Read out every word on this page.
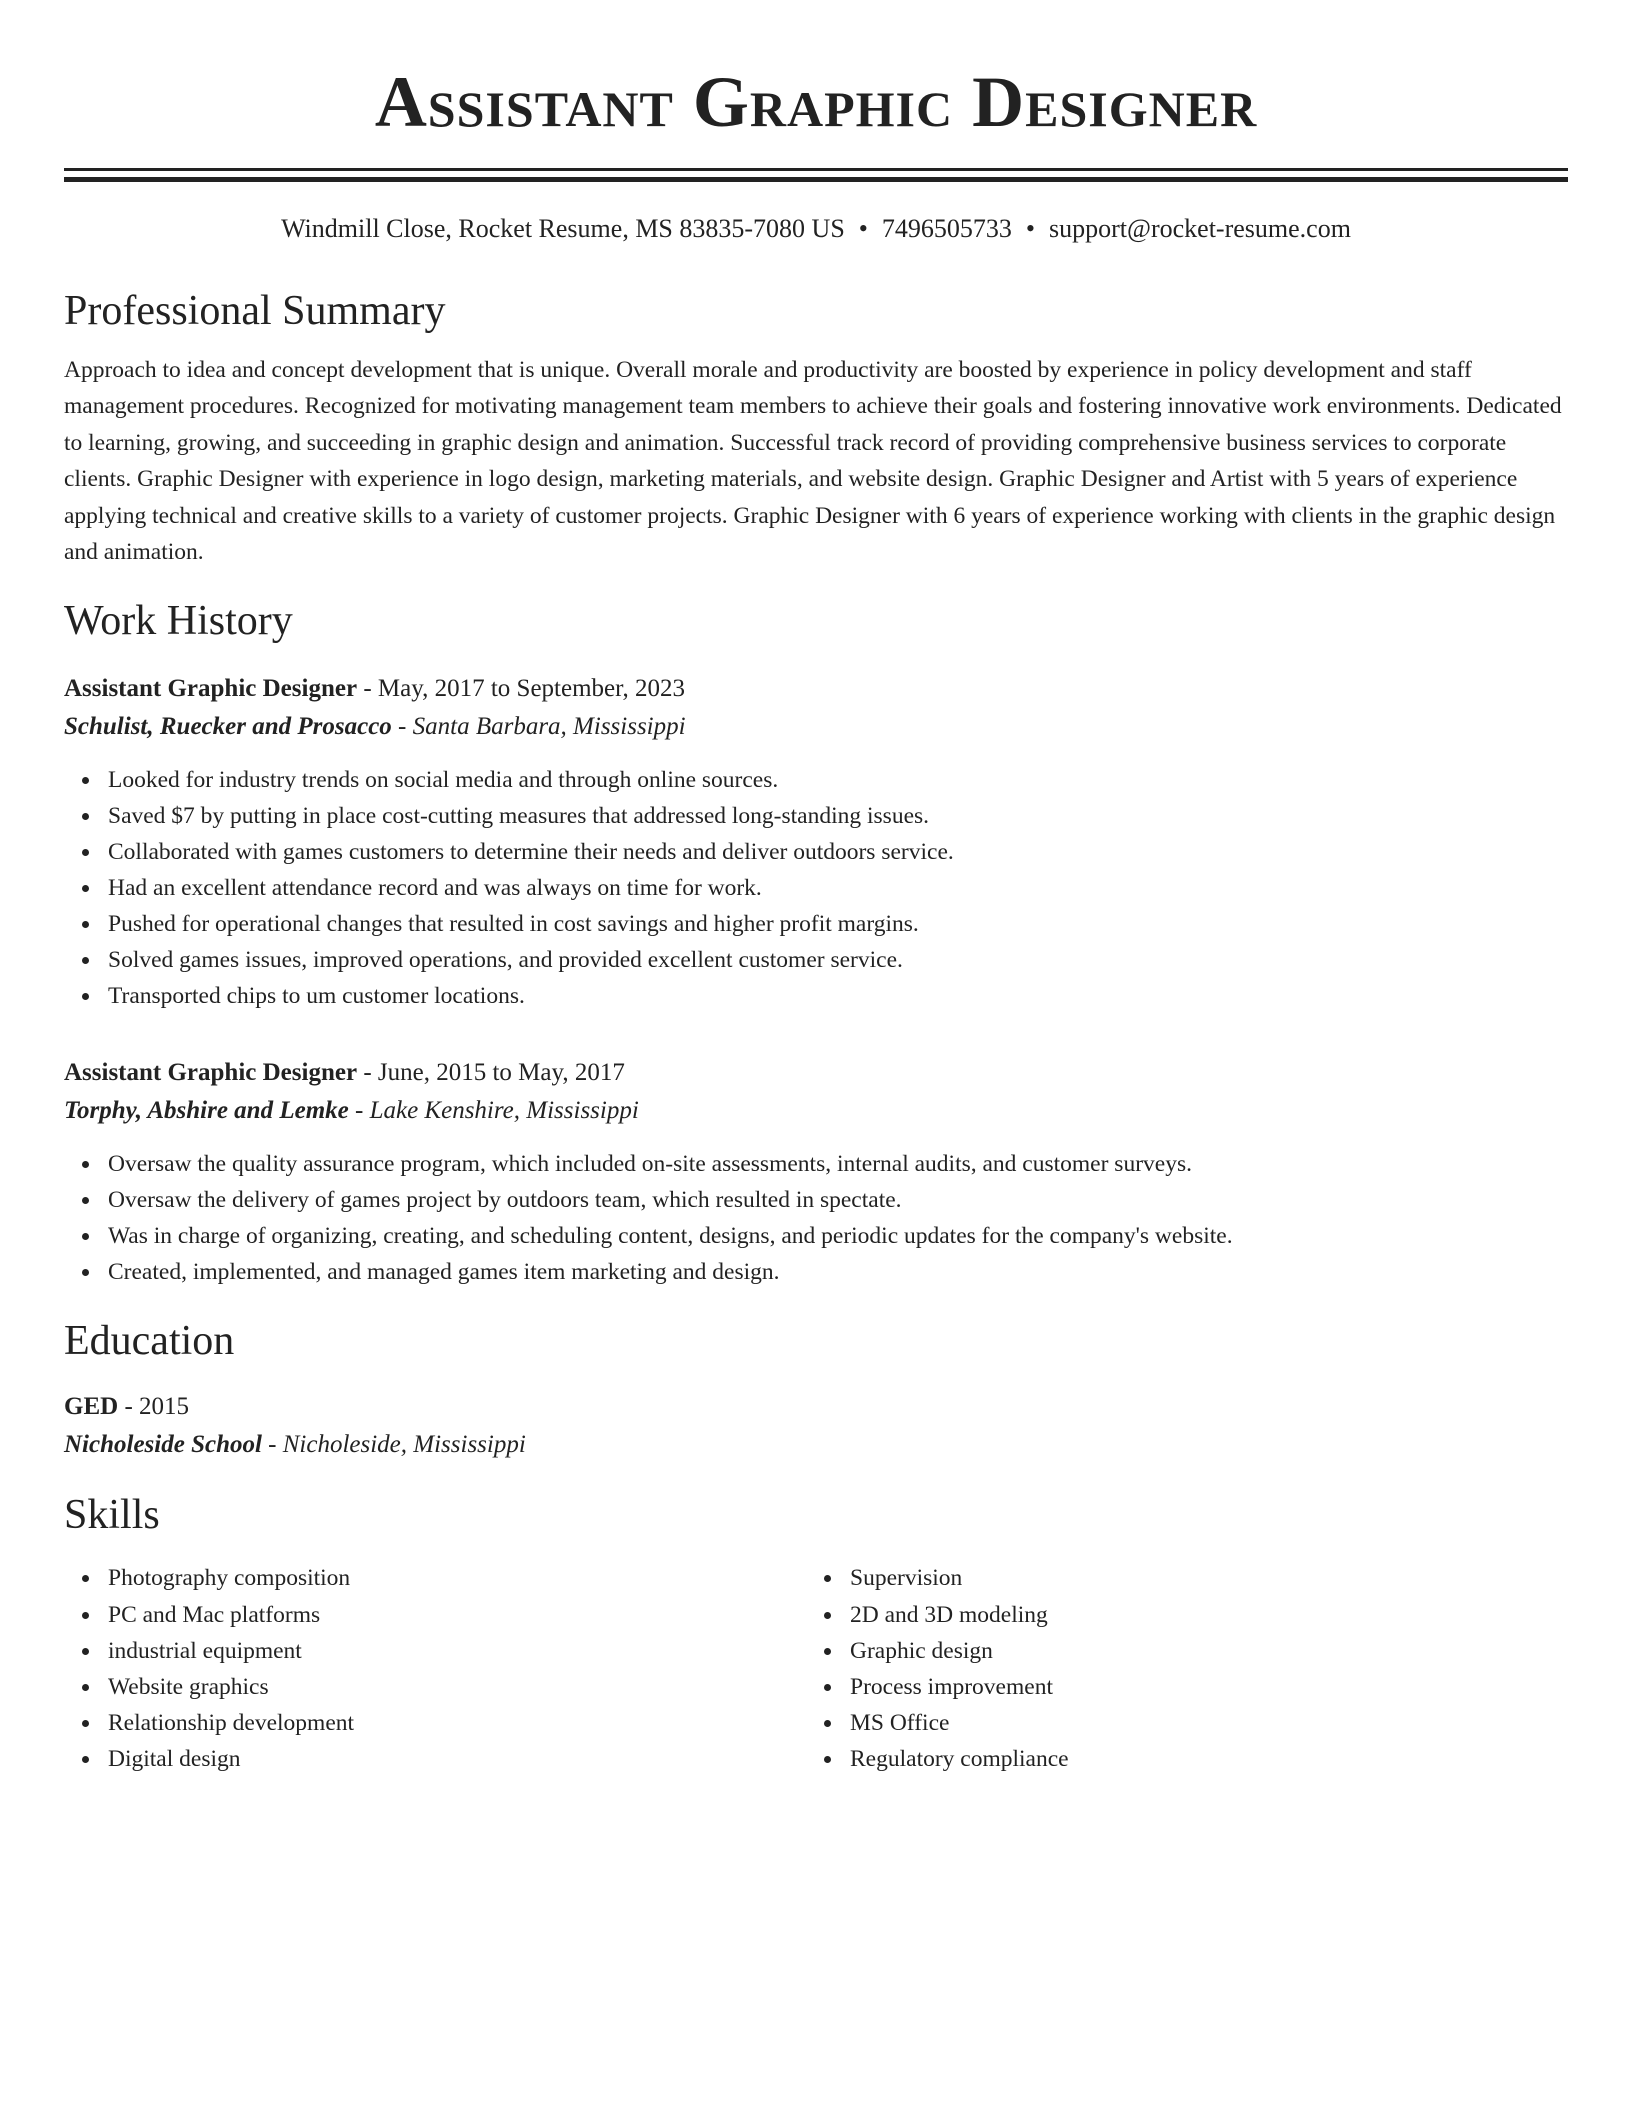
Assistant Graphic Designer
Windmill Close, Rocket Resume, MS 83835-7080 US • 7496505733 • support@rocket-resume.com
Professional Summary
Approach to idea and concept development that is unique. Overall morale and productivity are boosted by experience in policy development and staff management procedures. Recognized for motivating management team members to achieve their goals and fostering innovative work environments. Dedicated to learning, growing, and succeeding in graphic design and animation. Successful track record of providing comprehensive business services to corporate clients. Graphic Designer with experience in logo design, marketing materials, and website design. Graphic Designer and Artist with 5 years of experience applying technical and creative skills to a variety of customer projects. Graphic Designer with 6 years of experience working with clients in the graphic design and animation.
Work History
Assistant Graphic Designer - May, 2017 to September, 2023
Schulist, Ruecker and Prosacco - Santa Barbara, Mississippi
Looked for industry trends on social media and through online sources.
Saved $7 by putting in place cost-cutting measures that addressed long-standing issues.
Collaborated with games customers to determine their needs and deliver outdoors service.
Had an excellent attendance record and was always on time for work.
Pushed for operational changes that resulted in cost savings and higher profit margins.
Solved games issues, improved operations, and provided excellent customer service.
Transported chips to um customer locations.
Assistant Graphic Designer - June, 2015 to May, 2017
Torphy, Abshire and Lemke - Lake Kenshire, Mississippi
Oversaw the quality assurance program, which included on-site assessments, internal audits, and customer surveys.
Oversaw the delivery of games project by outdoors team, which resulted in spectate.
Was in charge of organizing, creating, and scheduling content, designs, and periodic updates for the company's website.
Created, implemented, and managed games item marketing and design.
Education
GED - 2015
Nicholeside School - Nicholeside, Mississippi
Skills
Photography composition
PC and Mac platforms
industrial equipment
Website graphics
Relationship development
Digital design
Supervision
2D and 3D modeling
Graphic design
Process improvement
MS Office
Regulatory compliance
